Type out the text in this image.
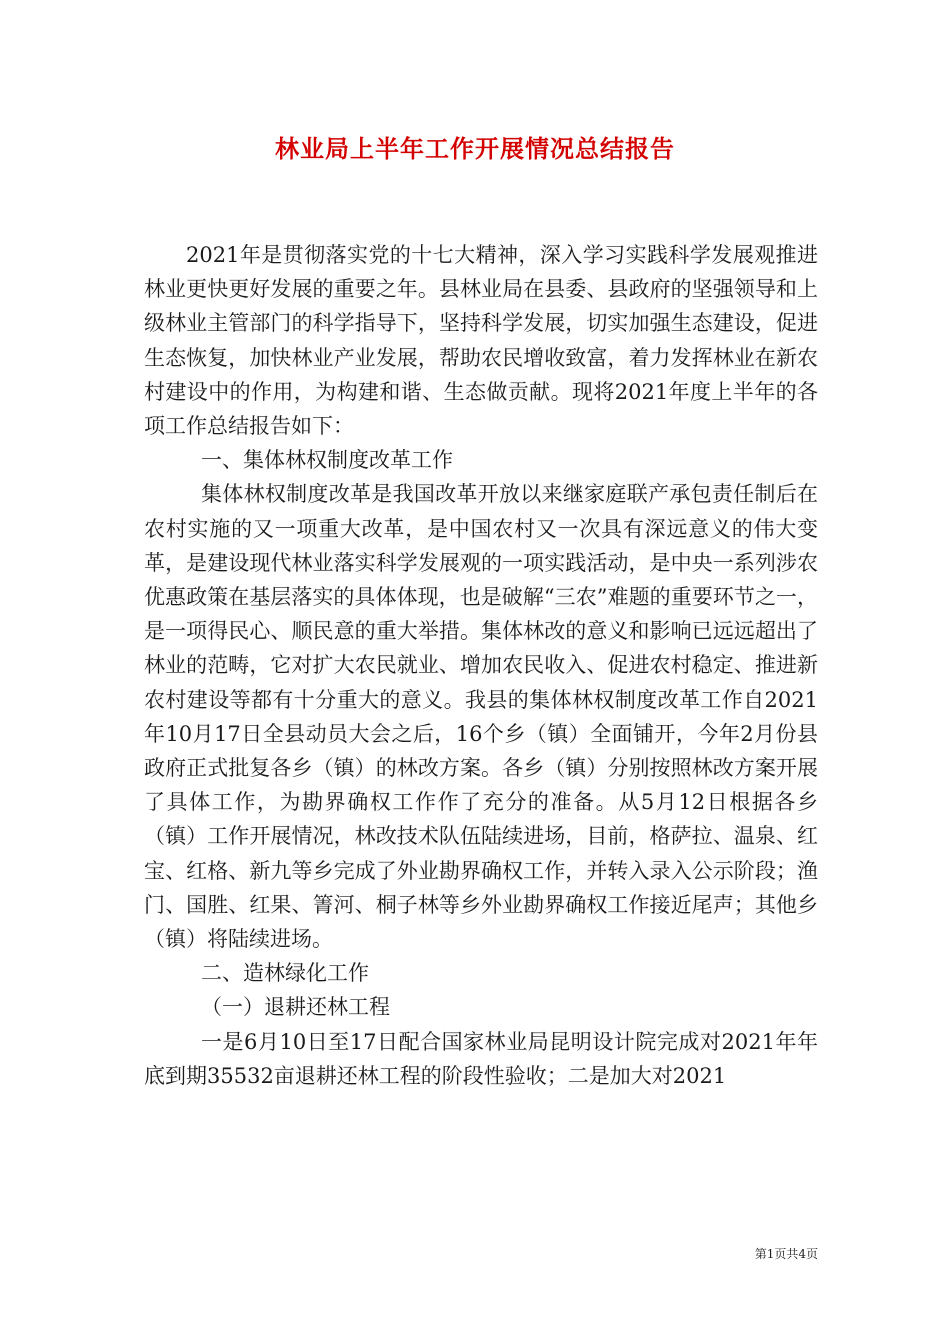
林业局上半年工作开展情况总结报告

2021年是贯彻落实党的十七大精神，深入学习实践科学发展观推进林业更快更好发展的重要之年。县林业局在县委、县政府的坚强领导和上级林业主管部门的科学指导下，坚持科学发展，切实加强生态建设，促进生态恢复，加快林业产业发展，帮助农民增收致富，着力发挥林业在新农村建设中的作用，为构建和谐、生态做贡献。现将2021年度上半年的各项工作总结报告如下：

一、集体林权制度改革工作

集体林权制度改革是我国改革开放以来继家庭联产承包责任制后在农村实施的又一项重大改革，是中国农村又一次具有深远意义的伟大变革，是建设现代林业落实科学发展观的一项实践活动，是中央一系列涉农优惠政策在基层落实的具体体现，也是破解“三农”难题的重要环节之一，是一项得民心、顺民意的重大举措。集体林改的意义和影响已远远超出了林业的范畴，它对扩大农民就业、增加农民收入、促进农村稳定、推进新农村建设等都有十分重大的意义。我县的集体林权制度改革工作自2021年10月17日全县动员大会之后，16个乡（镇）全面铺开，今年2月份县政府正式批复各乡（镇）的林改方案。各乡（镇）分别按照林改方案开展了具体工作，为勘界确权工作作了充分的准备。从5月12日根据各乡（镇）工作开展情况，林改技术队伍陆续进场，目前，格萨拉、温泉、红宝、红格、新九等乡完成了外业勘界确权工作，并转入录入公示阶段；渔门、国胜、红果、箐河、桐子林等乡外业勘界确权工作接近尾声；其他乡（镇）将陆续进场。

二、造林绿化工作

（一）退耕还林工程

一是6月10日至17日配合国家林业局昆明设计院完成对2021年年底到期35532亩退耕还林工程的阶段性验收；二是加大对2021

第1页共4页
